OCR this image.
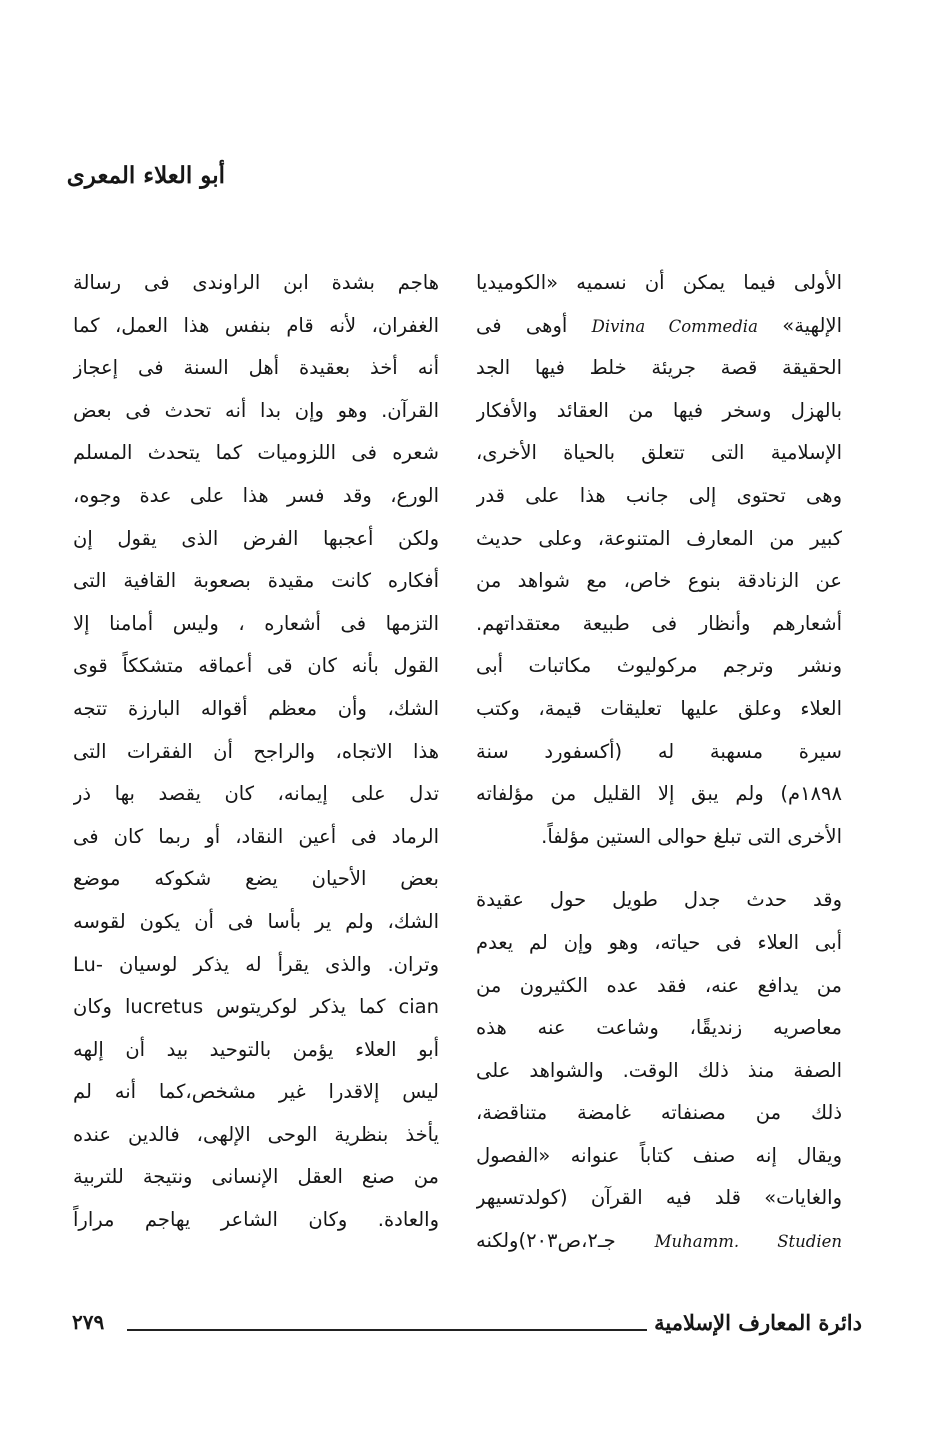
أبو العلاء المعرى
الأولى فيما يمكن أن نسميه «الكوميديا
الإلهية» Divina Commedia أوهى فى
الحقيقة قصة جريئة خلط فيها الجد
بالهزل وسخر فيها من العقائد والأفكار
الإسلامية التى تتعلق بالحياة الأخرى،
وهى تحتوى إلى جانب هذا على قدر
كبير من المعارف المتنوعة، وعلى حديث
عن الزنادقة بنوع خاص، مع شواهد من
أشعارهم وأنظار فى طبيعة معتقداتهم.
ونشر وترجم مركوليوث مكاتبات أبى
العلاء وعلق عليها تعليقات قيمة، وكتب
سيرة مسهبة له (أكسفورد سنة
١٨٩٨م) ولم يبق إلا القليل من مؤلفاته
الأخرى التى تبلغ حوالى الستين مؤلفاً.
وقد حدث جدل طويل حول عقيدة
أبى العلاء فى حياته، وهو وإن لم يعدم
من يدافع عنه، فقد عده الكثيرون من
معاصريه زنديقًا، وشاعت عنه هذه
الصفة منذ ذلك الوقت. والشواهد على
ذلك من مصنفاته غامضة متناقضة،
ويقال إنه صنف كتاباً عنوانه «الفصول
والغايات» قلد فيه القرآن (كولدتسيهر
Muhamm. Studien جـ٢،ص٢٠٣)ولكنه
هاجم بشدة ابن الراوندى فى رسالة
الغفران، لأنه قام بنفس هذا العمل، كما
أنه أخذ بعقيدة أهل السنة فى إعجاز
القرآن. وهو وإن بدا أنه تحدث فى بعض
شعره فى اللزوميات كما يتحدث المسلم
الورع، وقد فسر هذا على عدة وجوه،
ولكن أعجبها الفرض الذى يقول إن
أفكاره كانت مقيدة بصعوبة القافية التى
التزمها فى أشعاره ، وليس أمامنا إلا
القول بأنه كان قى أعماقه متشككاً قوى
الشك، وأن معظم أقواله البارزة تتجه
هذا الاتجاه، والراجح أن الفقرات التى
تدل على إيمانه، كان يقصد بها ذر
الرماد فى أعين النقاد، أو ربما كان فى
بعض الأحيان يضع شكوكه موضع
الشك، ولم ير بأسا فى أن يكون لقوسه
وتران. والذى يقرأ له يذكر لوسيان -Lu
cian كما يذكر لوكريتوس lucretus وكان
أبو العلاء يؤمن بالتوحيد بيد أن إلهه
ليس إلاقدرا غير مشخص،كما أنه لم
يأخذ بنظرية الوحى الإلهى، فالدين عنده
من صنع العقل الإنسانى ونتيجة للتربية
والعادة. وكان الشاعر يهاجم مراراً
دائرة المعارف الإسلامية
٢٧٩
